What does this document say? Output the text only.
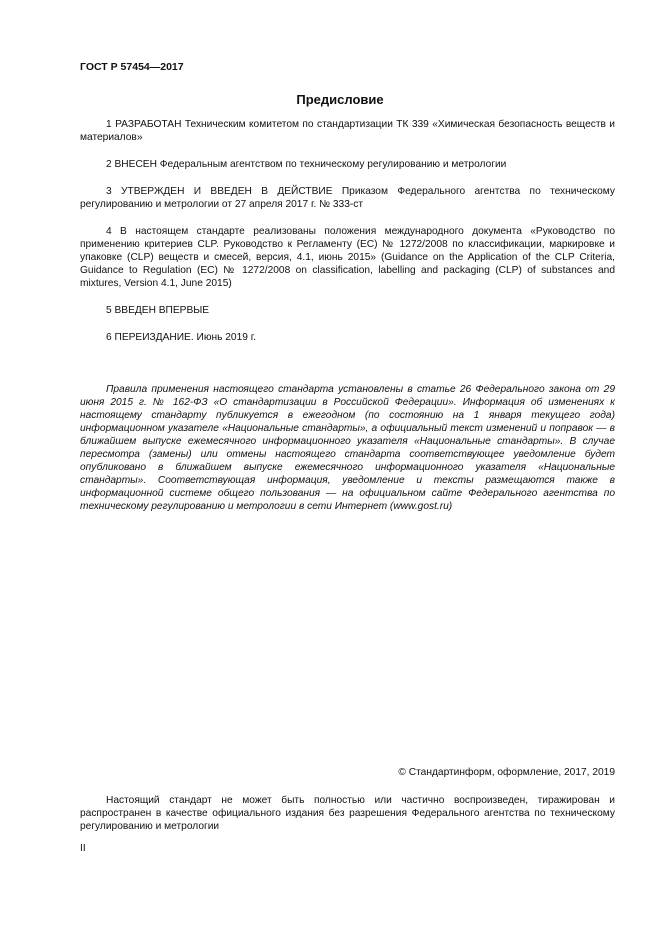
ГОСТ Р 57454—2017
Предисловие

1 РАЗРАБОТАН Техническим комитетом по стандартизации ТК 339 «Химическая безопасность веществ и материалов»

2 ВНЕСЕН Федеральным агентством по техническому регулированию и метрологии

3 УТВЕРЖДЕН И ВВЕДЕН В ДЕЙСТВИЕ Приказом Федерального агентства по техническому регулированию и метрологии от 27 апреля 2017 г. № 333-ст

4 В настоящем стандарте реализованы положения международного документа «Руководство по применению критериев CLP. Руководство к Регламенту (ЕС) № 1272/2008 по классификации, маркировке и упаковке (CLP) веществ и смесей, версия, 4.1, июнь 2015» (Guidance on the Application of the CLP Criteria, Guidance to Regulation (EC) № 1272/2008 on classification, labelling and packaging (CLP) of substances and mixtures, Version 4.1, June 2015)

5 ВВЕДЕН ВПЕРВЫЕ

6 ПЕРЕИЗДАНИЕ. Июнь 2019 г.

Правила применения настоящего стандарта установлены в статье 26 Федерального закона от 29 июня 2015 г. № 162-ФЗ «О стандартизации в Российской Федерации». Информация об изменениях к настоящему стандарту публикуется в ежегодном (по состоянию на 1 января текущего года) информационном указателе «Национальные стандарты», а официальный текст изменений и поправок — в ближайшем выпуске ежемесячного информационного указателя «Национальные стандарты». В случае пересмотра (замены) или отмены настоящего стандарта соответствующее уведомление будет опубликовано в ближайшем выпуске ежемесячного информационного указателя «Национальные стандарты». Соответствующая информация, уведомление и тексты размещаются также в информационной системе общего пользования — на официальном сайте Федерального агентства по техническому регулированию и метрологии в сети Интернет (www.gost.ru)

© Стандартинформ, оформление, 2017, 2019

Настоящий стандарт не может быть полностью или частично воспроизведен, тиражирован и распространен в качестве официального издания без разрешения Федерального агентства по техническому регулированию и метрологии

II
